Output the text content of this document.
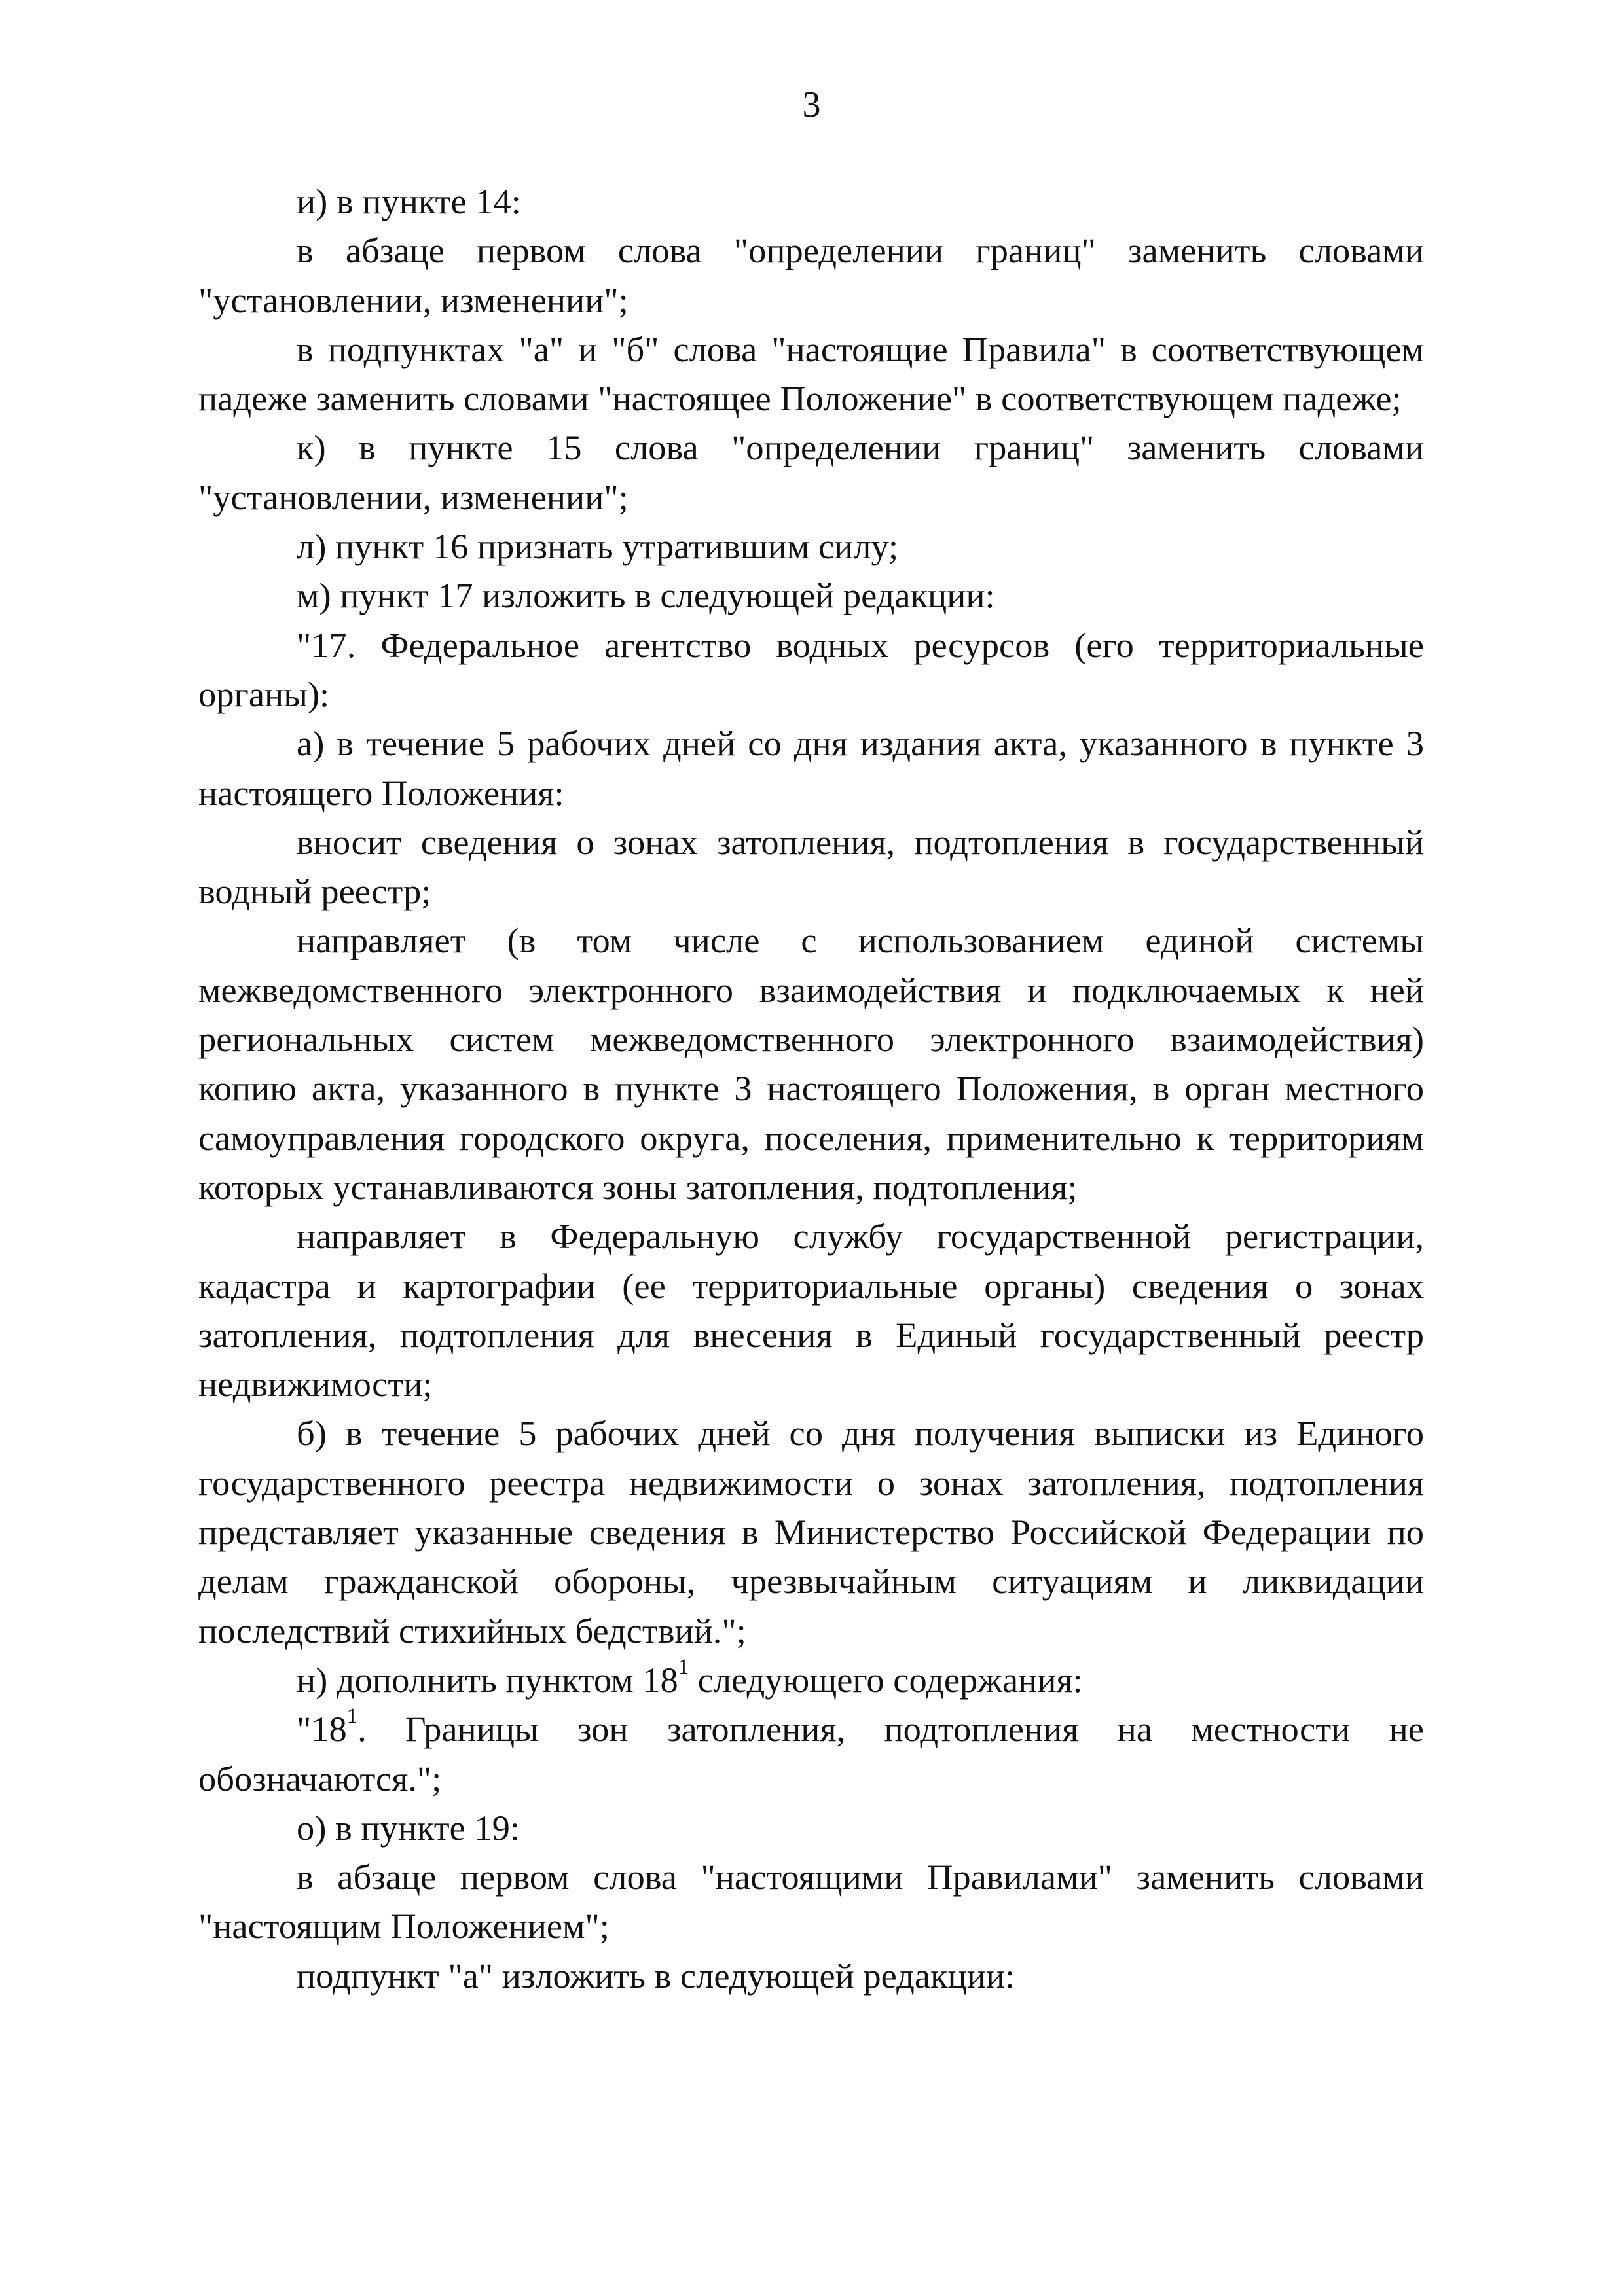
3

и) в пункте 14:

в абзаце первом слова "определении границ" заменить словами "установлении, изменении";

в подпунктах "а" и "б" слова "настоящие Правила" в соответствующем падеже заменить словами "настоящее Положение" в соответствующем падеже;

к) в пункте 15 слова "определении границ" заменить словами "установлении, изменении";

л) пункт 16 признать утратившим силу;

м) пункт 17 изложить в следующей редакции:

"17. Федеральное агентство водных ресурсов (его территориальные органы):

а) в течение 5 рабочих дней со дня издания акта, указанного в пункте 3 настоящего Положения:

вносит сведения о зонах затопления, подтопления в государственный водный реестр;

направляет (в том числе с использованием единой системы межведомственного электронного взаимодействия и подключаемых к ней региональных систем межведомственного электронного взаимодействия) копию акта, указанного в пункте 3 настоящего Положения, в орган местного самоуправления городского округа, поселения, применительно к территориям которых устанавливаются зоны затопления, подтопления;

направляет в Федеральную службу государственной регистрации, кадастра и картографии (ее территориальные органы) сведения о зонах затопления, подтопления для внесения в Единый государственный реестр недвижимости;

б) в течение 5 рабочих дней со дня получения выписки из Единого государственного реестра недвижимости о зонах затопления, подтопления представляет указанные сведения в Министерство Российской Федерации по делам гражданской обороны, чрезвычайным ситуациям и ликвидации последствий стихийных бедствий.";

н) дополнить пунктом $18^1$ следующего содержания:

"$18^1$. Границы зон затопления, подтопления на местности не обозначаются.";

о) в пункте 19:

в абзаце первом слова "настоящими Правилами" заменить словами "настоящим Положением";

подпункт "а" изложить в следующей редакции:
